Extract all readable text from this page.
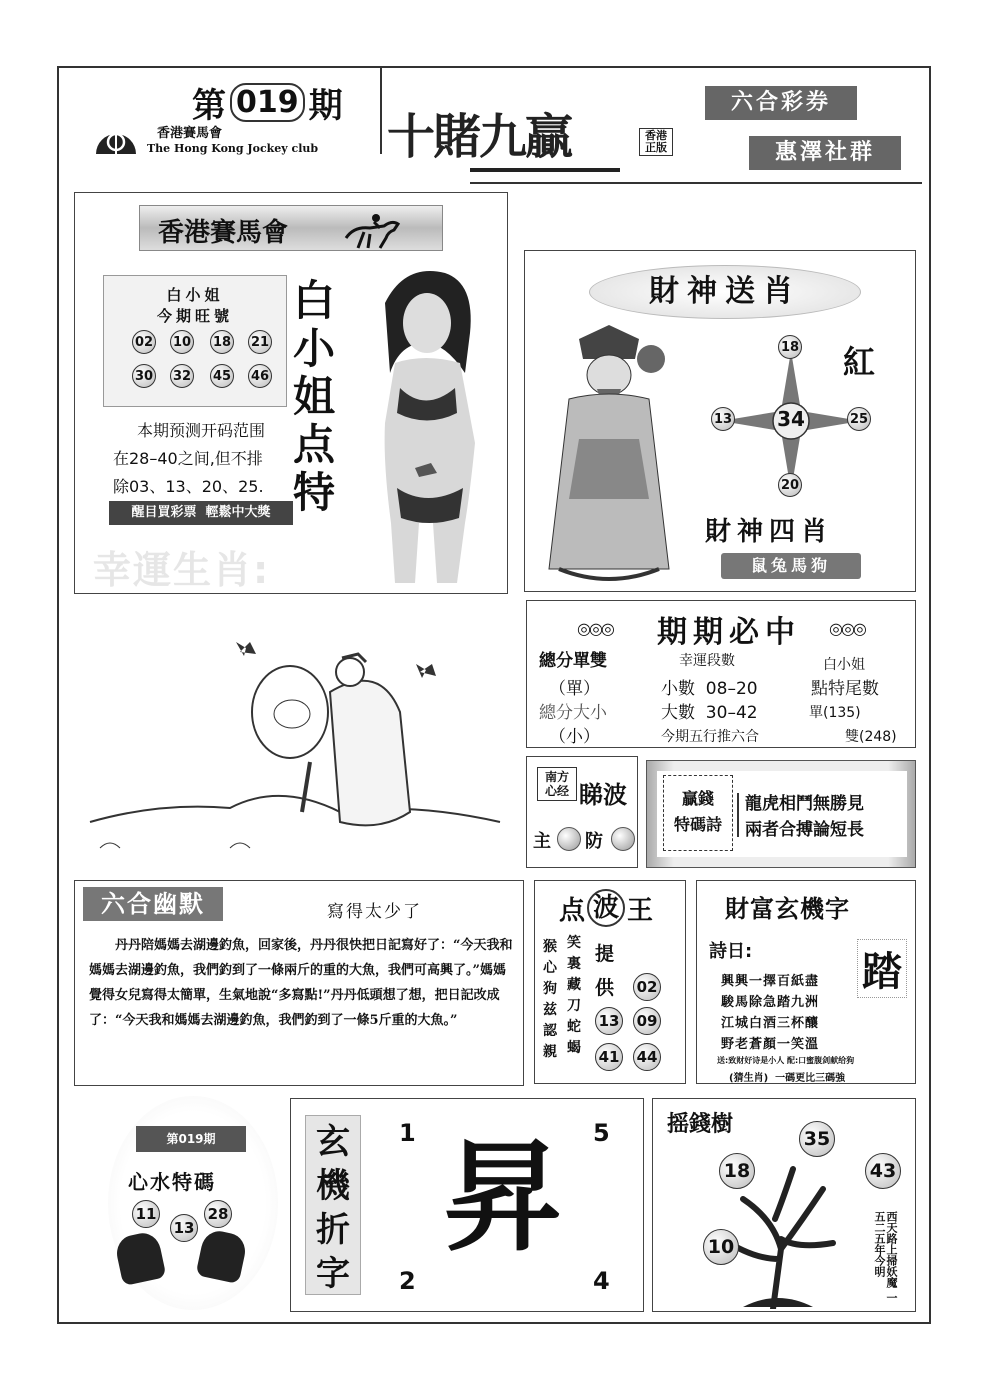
第 019 期
香港賽馬會
The Hong Kong Jockey club 十賭九贏	香港正版
六合彩券
惠澤社群
香港賽馬會
白小姐
今期旺號
02 10 18 21
30 32 45 46
本期预测开码范围
在28–40之间,但不排
除03、13、20、25.
醒目買彩票  輕鬆中大獎
幸運生肖:
白小姐点特
財神送肖
34
18
13	25
20
紅
財神四肖
鼠兔馬狗
◎◎◎ 期期必中 ◎◎◎
總分單雙	幸運段數	白小姐
（單）	小數  08–20	點特尾數
總分大小	大數  30–42	單(135)
（小）	今期五行推六合	雙(248)
南方心经 睇波
主 防
贏錢
特碼詩
龍虎相鬥無勝見
兩者合搏論短長
六合幽默	寫得太少了
丹丹陪媽媽去湖邊釣魚，回家後，丹丹很快把日記寫好了：“今天我和媽媽去湖邊釣魚，我們釣到了一條兩斤的重的大魚，我們可高興了。”媽媽覺得女兒寫得太簡單，生氣地說“多寫點!”丹丹低頭想了想，把日記改成了：“今天我和媽媽去湖邊釣魚，我們釣到了一條5斤重的大魚。”
点 波 王
猴心狗兹認親
笑裏藏刀蛇蝎
提供 02
13 09
41 44
財富玄機字
詩日:	踏
興興一擇百紙盡
駿馬除急踏九洲
江城白酒三杯釀
野老蒼顏一笑溫
送:致财好诗是小人 配:口蜜腹剑献给狗
(猜生肖)  一碼更比三碼強
第019期
心水特碼
11
13
28
玄機折字
昇
1	5
2	4
摇錢樹
35
18	43
10	西天路上掃妖魔 一五二五年今明
